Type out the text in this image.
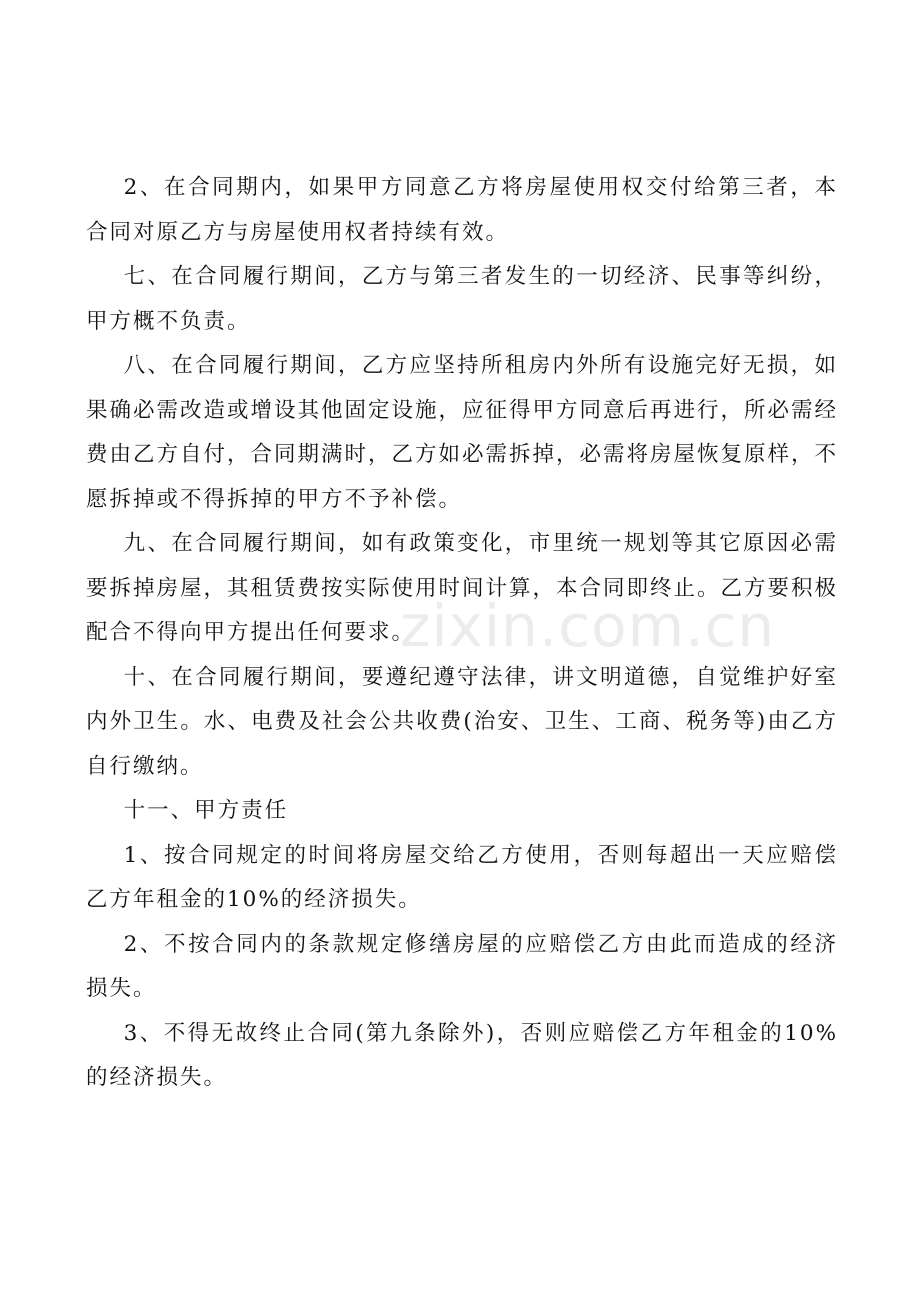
2、在合同期内，如果甲方同意乙方将房屋使用权交付给第三者，本合同对原乙方与房屋使用权者持续有效。

七、在合同履行期间，乙方与第三者发生的一切经济、民事等纠纷，甲方概不负责。

八、在合同履行期间，乙方应坚持所租房内外所有设施完好无损，如果确必需改造或增设其他固定设施，应征得甲方同意后再进行，所必需经费由乙方自付，合同期满时，乙方如必需拆掉，必需将房屋恢复原样，不愿拆掉或不得拆掉的甲方不予补偿。

九、在合同履行期间，如有政策变化，市里统一规划等其它原因必需要拆掉房屋，其租赁费按实际使用时间计算，本合同即终止。乙方要积极配合不得向甲方提出任何要求。

十、在合同履行期间，要遵纪遵守法律，讲文明道德，自觉维护好室内外卫生。水、电费及社会公共收费(治安、卫生、工商、税务等)由乙方自行缴纳。

十一、甲方责任

1、按合同规定的时间将房屋交给乙方使用，否则每超出一天应赔偿乙方年租金的10%的经济损失。

2、不按合同内的条款规定修缮房屋的应赔偿乙方由此而造成的经济损失。

3、不得无故终止合同(第九条除外)，否则应赔偿乙方年租金的10%的经济损失。

zixin.com.cn
